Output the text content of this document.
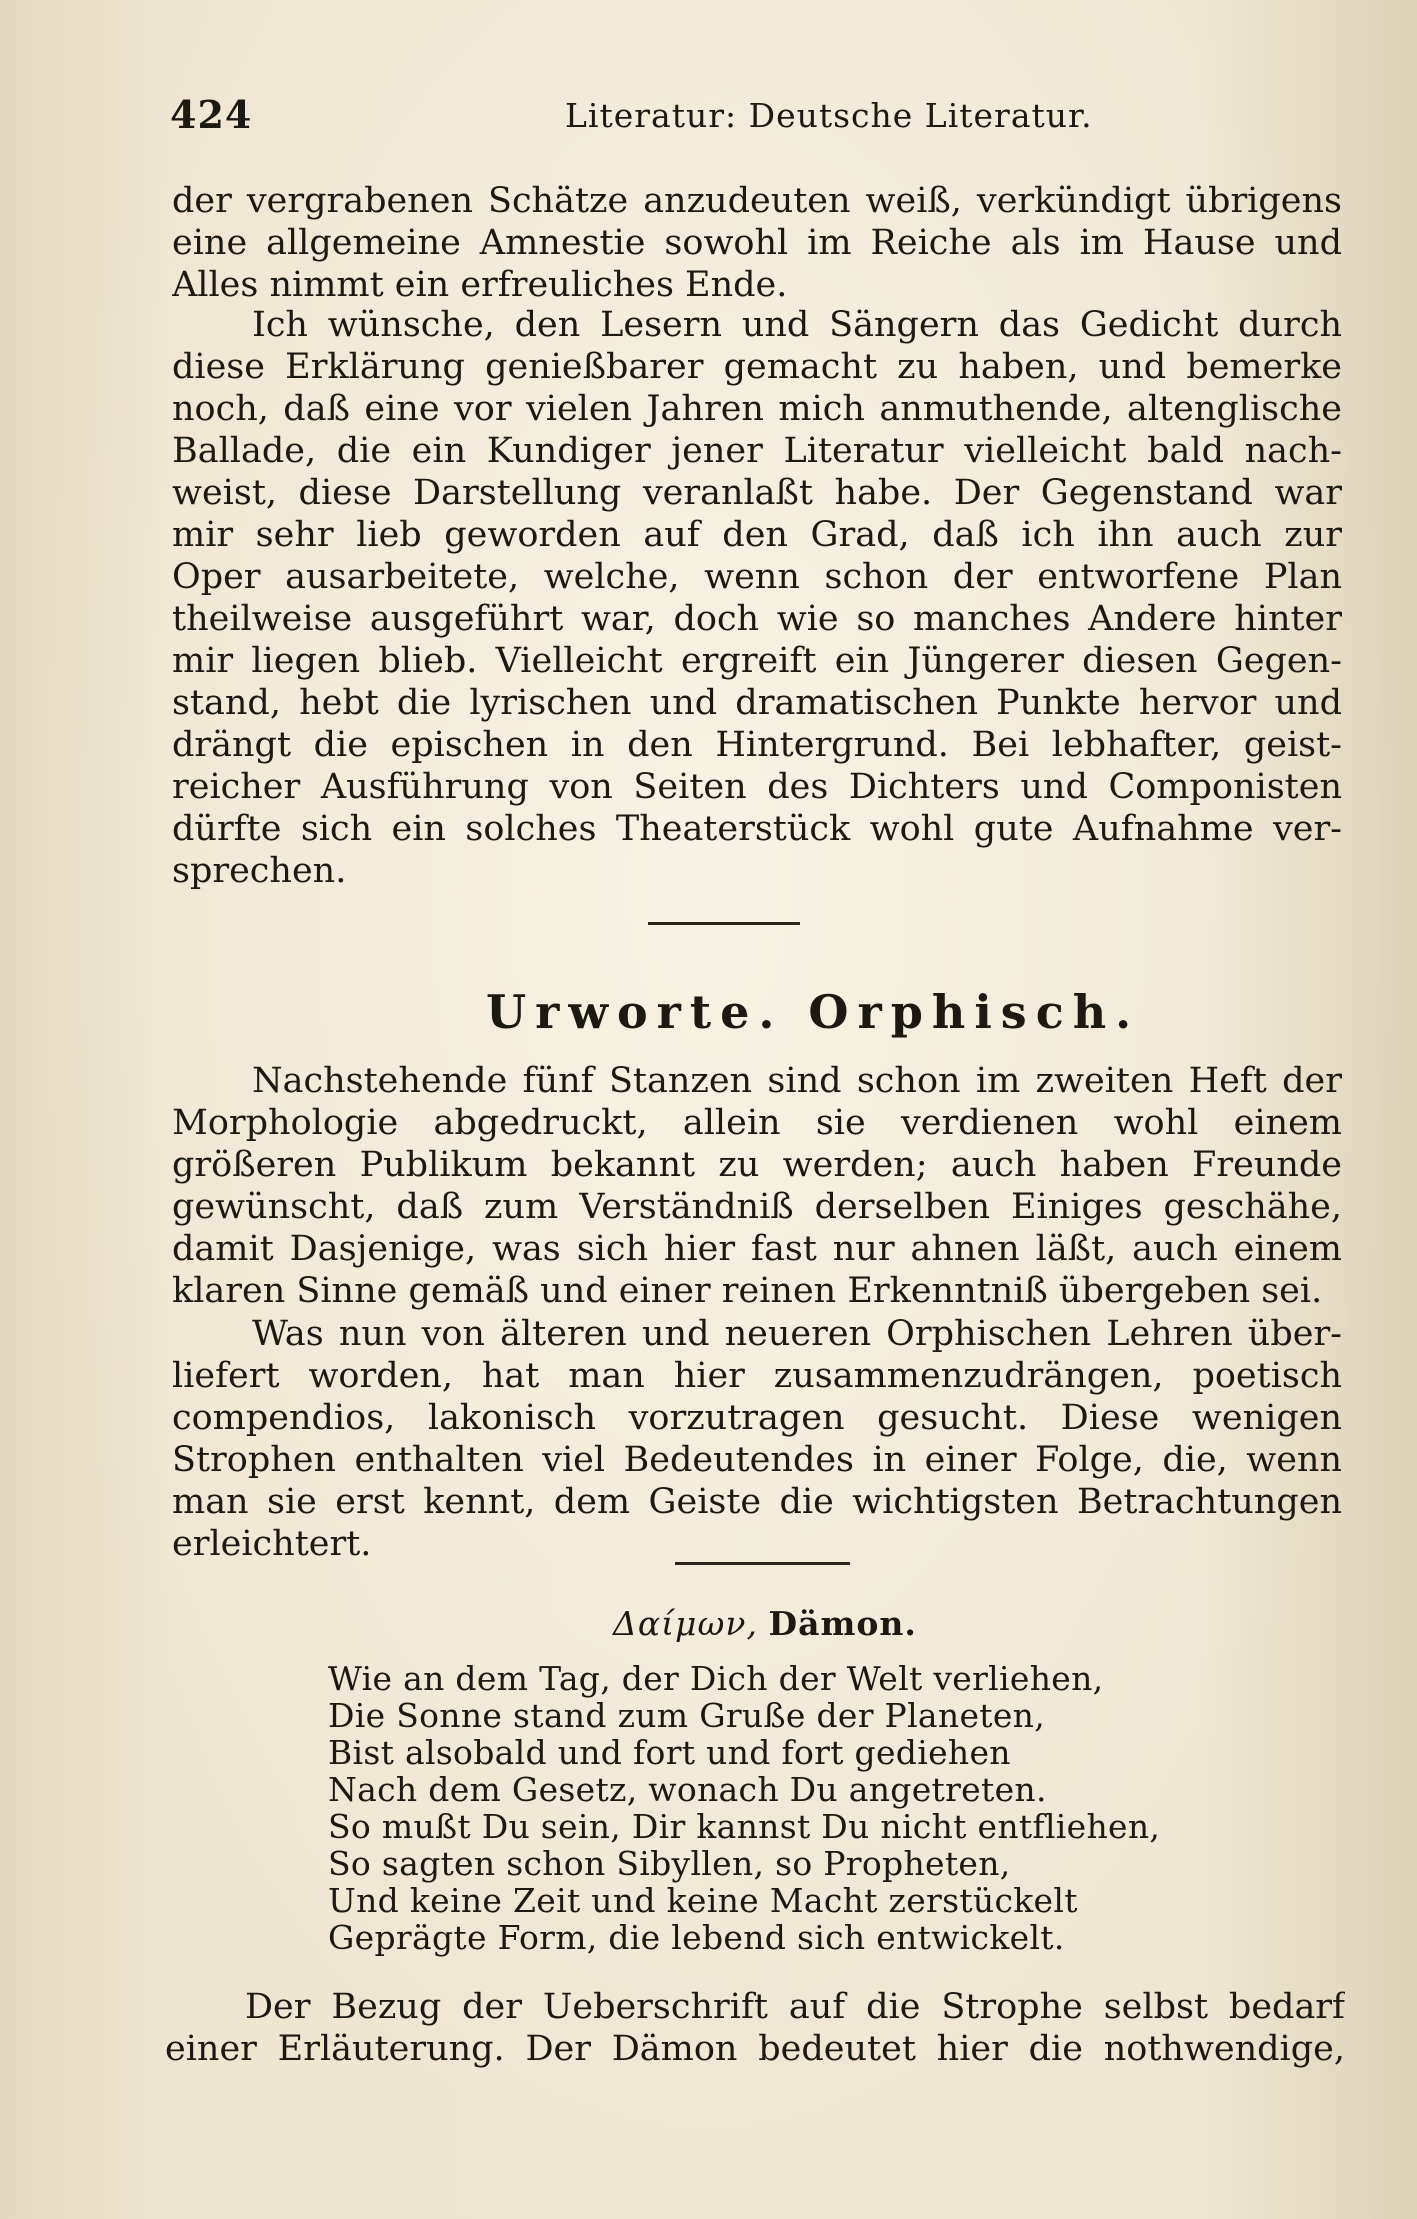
424	Literatur: Deutsche Literatur.
der vergrabenen Schätze anzudeuten weiß, verkündigt übrigens
eine allgemeine Amnestie sowohl im Reiche als im Hause und
Alles nimmt ein erfreuliches Ende.
Ich wünsche, den Lesern und Sängern das Gedicht durch
diese Erklärung genießbarer gemacht zu haben, und bemerke
noch, daß eine vor vielen Jahren mich anmuthende, altenglische
Ballade, die ein Kundiger jener Literatur vielleicht bald nach-
weist, diese Darstellung veranlaßt habe. Der Gegenstand war
mir sehr lieb geworden auf den Grad, daß ich ihn auch zur
Oper ausarbeitete, welche, wenn schon der entworfene Plan
theilweise ausgeführt war, doch wie so manches Andere hinter
mir liegen blieb. Vielleicht ergreift ein Jüngerer diesen Gegen-
stand, hebt die lyrischen und dramatischen Punkte hervor und
drängt die epischen in den Hintergrund. Bei lebhafter, geist-
reicher Ausführung von Seiten des Dichters und Componisten
dürfte sich ein solches Theaterstück wohl gute Aufnahme ver-
sprechen.
Urworte. Orphisch.
Nachstehende fünf Stanzen sind schon im zweiten Heft der
Morphologie abgedruckt, allein sie verdienen wohl einem
größeren Publikum bekannt zu werden; auch haben Freunde
gewünscht, daß zum Verständniß derselben Einiges geschähe,
damit Dasjenige, was sich hier fast nur ahnen läßt, auch einem
klaren Sinne gemäß und einer reinen Erkenntniß übergeben sei.
Was nun von älteren und neueren Orphischen Lehren über-
liefert worden, hat man hier zusammenzudrängen, poetisch
compendios, lakonisch vorzutragen gesucht. Diese wenigen
Strophen enthalten viel Bedeutendes in einer Folge, die, wenn
man sie erst kennt, dem Geiste die wichtigsten Betrachtungen
erleichtert.
Δαίμων, Dämon.
Wie an dem Tag, der Dich der Welt verliehen,
Die Sonne stand zum Gruße der Planeten,
Bist alsobald und fort und fort gediehen
Nach dem Gesetz, wonach Du angetreten.
So mußt Du sein, Dir kannst Du nicht entfliehen,
So sagten schon Sibyllen, so Propheten,
Und keine Zeit und keine Macht zerstückelt
Geprägte Form, die lebend sich entwickelt.
Der Bezug der Ueberschrift auf die Strophe selbst bedarf
einer Erläuterung. Der Dämon bedeutet hier die nothwendige,
